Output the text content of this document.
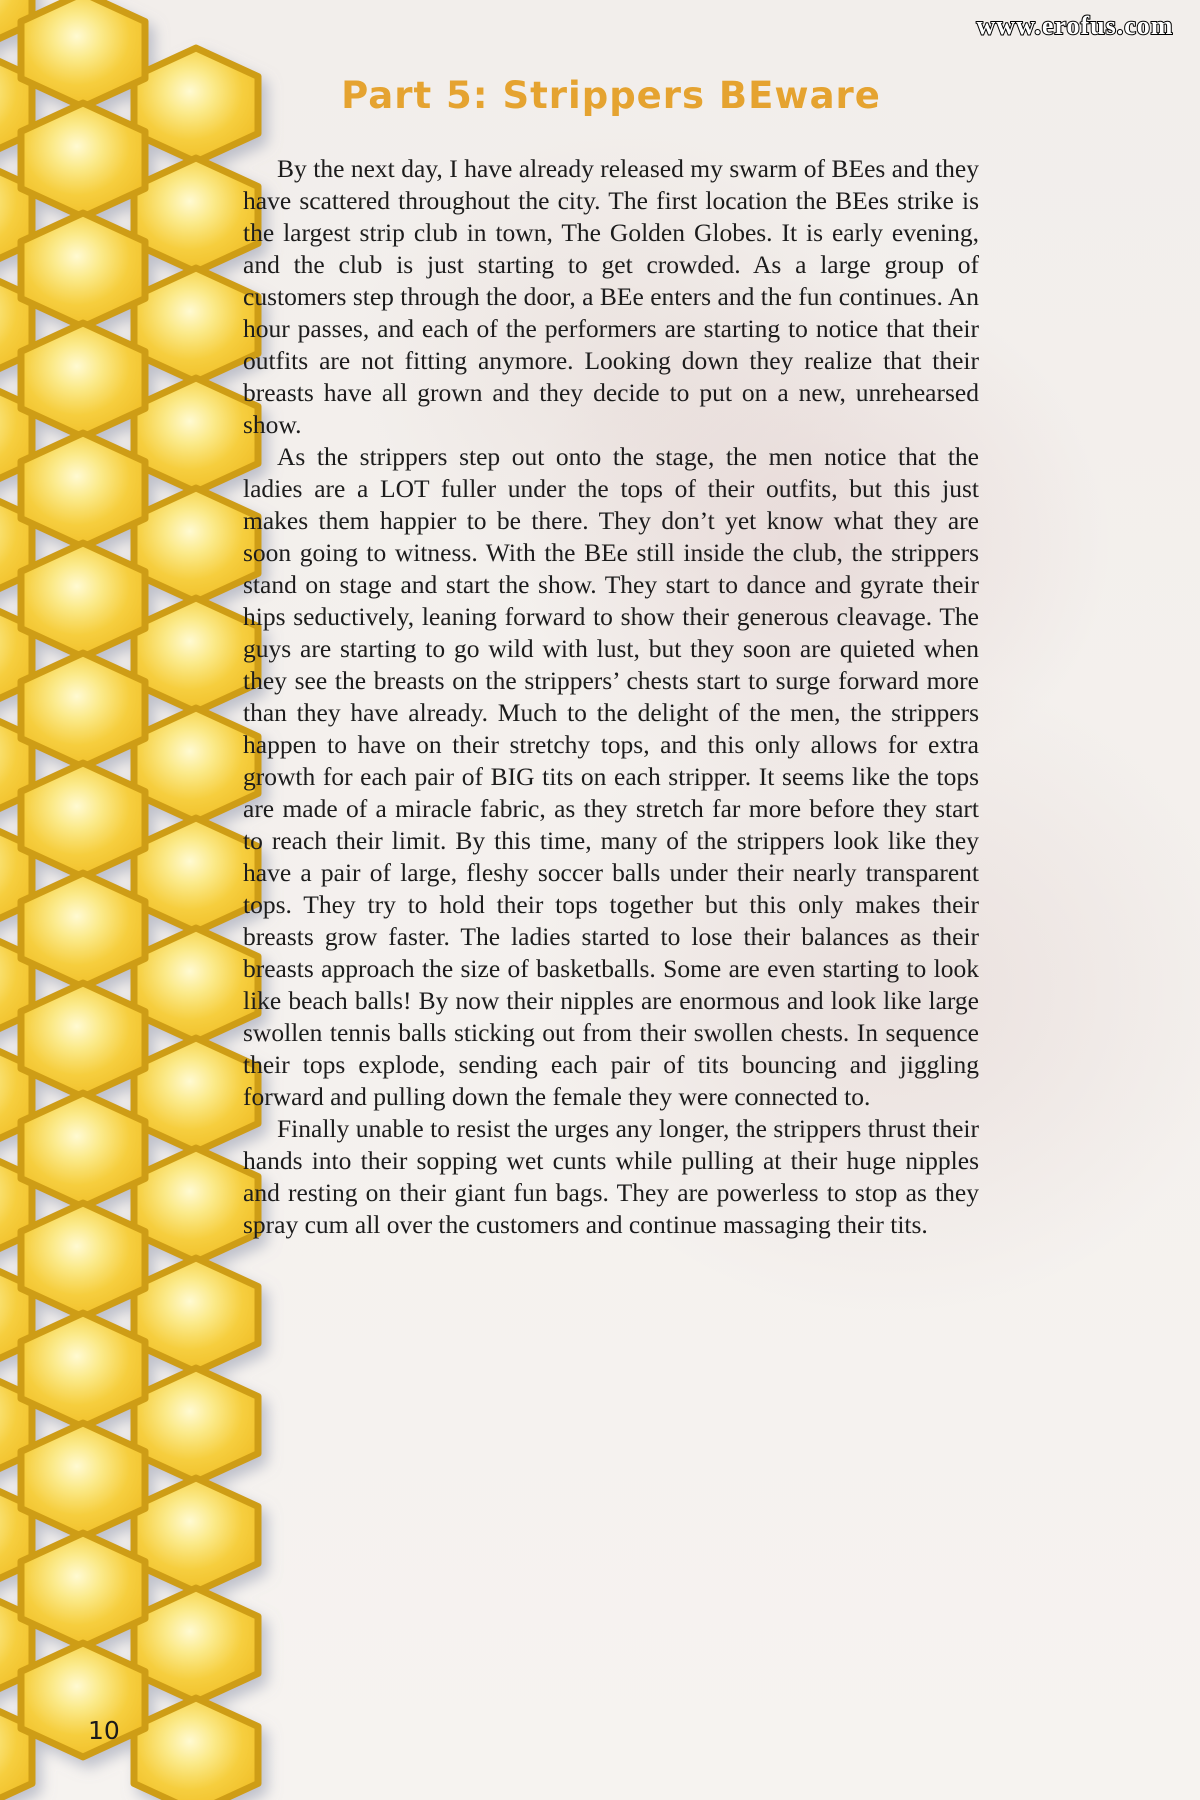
www.erofus.com
Part 5: Strippers BEware

By the next day, I have already released my swarm of BEes and they have scattered throughout the city. The first location the BEes strike is the largest strip club in town, The Golden Globes. It is early evening, and the club is just starting to get crowded. As a large group of customers step through the door, a BEe enters and the fun continues. An hour passes, and each of the performers are starting to notice that their outfits are not fitting anymore. Looking down they realize that their breasts have all grown and they decide to put on a new, unrehearsed show.

As the strippers step out onto the stage, the men notice that the ladies are a LOT fuller under the tops of their outfits, but this just makes them happier to be there. They don’t yet know what they are soon going to witness. With the BEe still inside the club, the strippers stand on stage and start the show. They start to dance and gyrate their hips seductively, leaning forward to show their generous cleavage. The guys are starting to go wild with lust, but they soon are quieted when they see the breasts on the strippers’ chests start to surge forward more than they have already. Much to the delight of the men, the strippers happen to have on their stretchy tops, and this only allows for extra growth for each pair of BIG tits on each stripper. It seems like the tops are made of a miracle fabric, as they stretch far more before they start to reach their limit. By this time, many of the strippers look like they have a pair of large, fleshy soccer balls under their nearly transparent tops. They try to hold their tops together but this only makes their breasts grow faster. The ladies started to lose their balances as their breasts approach the size of basketballs. Some are even starting to look like beach balls! By now their nipples are enormous and look like large swollen tennis balls sticking out from their swollen chests. In sequence their tops explode, sending each pair of tits bouncing and jiggling forward and pulling down the female they were connected to.

Finally unable to resist the urges any longer, the strippers thrust their hands into their sopping wet cunts while pulling at their huge nipples and resting on their giant fun bags. They are powerless to stop as they spray cum all over the customers and continue massaging their tits.

10
